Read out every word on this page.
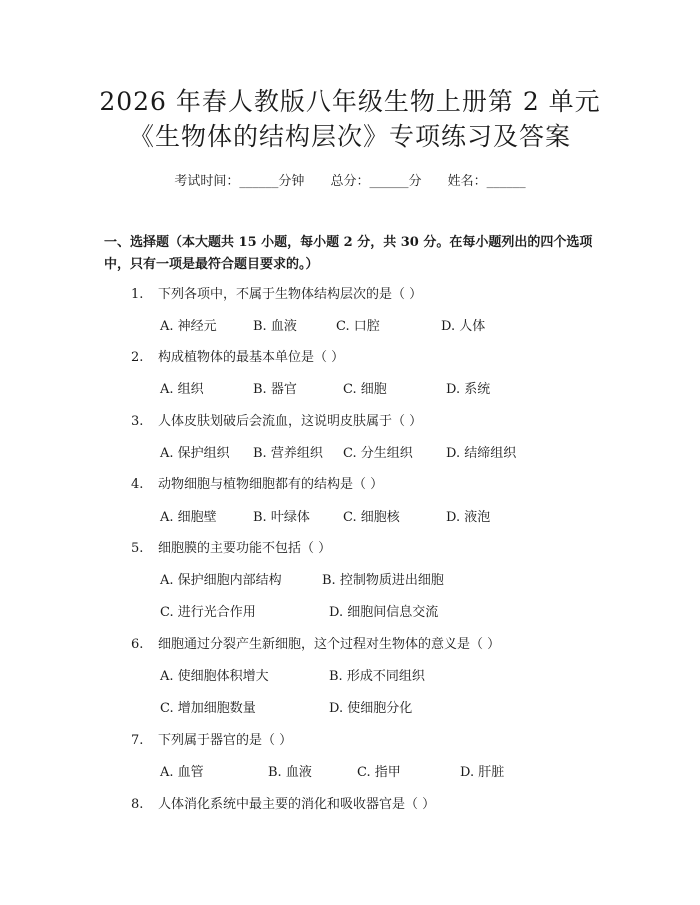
2026 年春人教版八年级生物上册第 2 单元
《生物体的结构层次》专项练习及答案
考试时间：______分钟 总分：______分 姓名：______
一、选择题（本大题共 15 小题，每小题 2 分，共 30 分。在每小题列出的四个选项中，只有一项是最符合题目要求的。）
1. 下列各项中，不属于生物体结构层次的是（ ）
A. 神经元	B. 血液	C. 口腔	D. 人体
2. 构成植物体的最基本单位是（ ）
A. 组织	B. 器官	C. 细胞	D. 系统
3. 人体皮肤划破后会流血，这说明皮肤属于（ ）
A. 保护组织 B. 营养组织 C. 分生组织	D. 结缔组织
4. 动物细胞与植物细胞都有的结构是（ ）
A. 细胞壁	B. 叶绿体	C. 细胞核	D. 液泡
5. 细胞膜的主要功能不包括（ ）
A. 保护细胞内部结构	B. 控制物质进出细胞
C. 进行光合作用	D. 细胞间信息交流
6. 细胞通过分裂产生新细胞，这个过程对生物体的意义是（ ）
A. 使细胞体积增大	B. 形成不同组织
C. 增加细胞数量	D. 使细胞分化
7. 下列属于器官的是（ ）
A. 血管	B. 血液	C. 指甲	D. 肝脏
8. 人体消化系统中最主要的消化和吸收器官是（ ）
